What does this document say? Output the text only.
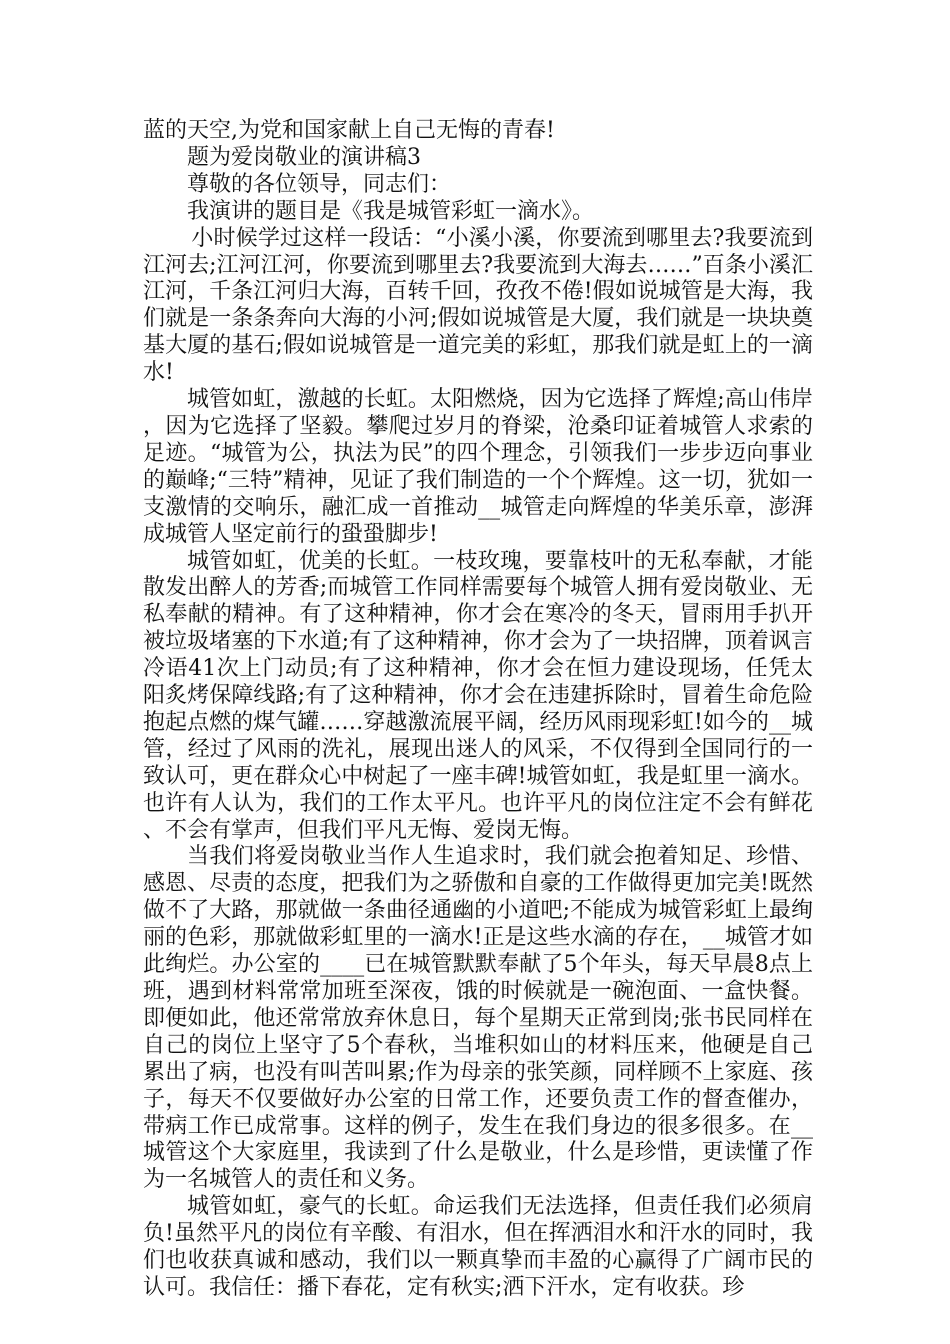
蓝的天空,为党和国家献上自己无悔的青春!

题为爱岗敬业的演讲稿3

尊敬的各位领导，同志们：

我演讲的题目是《我是城管彩虹一滴水》。

小时候学过这样一段话：“小溪小溪，你要流到哪里去?我要流到江河去;江河江河，你要流到哪里去?我要流到大海去……”百条小溪汇江河，千条江河归大海，百转千回，孜孜不倦!假如说城管是大海，我们就是一条条奔向大海的小河;假如说城管是大厦，我们就是一块块奠基大厦的基石;假如说城管是一道完美的彩虹，那我们就是虹上的一滴水!

城管如虹，激越的长虹。太阳燃烧，因为它选择了辉煌;高山伟岸，因为它选择了坚毅。攀爬过岁月的脊梁，沧桑印证着城管人求索的足迹。“城管为公，执法为民”的四个理念，引领我们一步步迈向事业的巅峰;“三特”精神，见证了我们制造的一个个辉煌。这一切，犹如一支激情的交响乐，融汇成一首推动__城管走向辉煌的华美乐章，澎湃成城管人坚定前行的蛩蛩脚步!

城管如虹，优美的长虹。一枝玫瑰，要靠枝叶的无私奉献，才能散发出醉人的芳香;而城管工作同样需要每个城管人拥有爱岗敬业、无私奉献的精神。有了这种精神，你才会在寒冷的冬天，冒雨用手扒开被垃圾堵塞的下水道;有了这种精神，你才会为了一块招牌，顶着讽言冷语41次上门动员;有了这种精神，你才会在恒力建设现场，任凭太阳炙烤保障线路;有了这种精神，你才会在违建拆除时，冒着生命危险抱起点燃的煤气罐……穿越激流展平阔，经历风雨现彩虹!如今的__城管，经过了风雨的洗礼，展现出迷人的风采，不仅得到全国同行的一致认可，更在群众心中树起了一座丰碑!城管如虹，我是虹里一滴水。也许有人认为，我们的工作太平凡。也许平凡的岗位注定不会有鲜花、不会有掌声，但我们平凡无悔、爱岗无悔。

当我们将爱岗敬业当作人生追求时，我们就会抱着知足、珍惜、感恩、尽责的态度，把我们为之骄傲和自豪的工作做得更加完美!既然做不了大路，那就做一条曲径通幽的小道吧;不能成为城管彩虹上最绚丽的色彩，那就做彩虹里的一滴水!正是这些水滴的存在，__城管才如此绚烂。办公室的____已在城管默默奉献了5个年头，每天早晨8点上班，遇到材料常常加班至深夜，饿的时候就是一碗泡面、一盒快餐。即便如此，他还常常放弃休息日，每个星期天正常到岗;张书民同样在自己的岗位上坚守了5个春秋，当堆积如山的材料压来，他硬是自己累出了病，也没有叫苦叫累;作为母亲的张笑颜，同样顾不上家庭、孩子，每天不仅要做好办公室的日常工作，还要负责工作的督查催办，带病工作已成常事。这样的例子，发生在我们身边的很多很多。在__城管这个大家庭里，我读到了什么是敬业，什么是珍惜，更读懂了作为一名城管人的责任和义务。

城管如虹，豪气的长虹。命运我们无法选择，但责任我们必须肩负!虽然平凡的岗位有辛酸、有泪水，但在挥洒泪水和汗水的同时，我们也收获真诚和感动，我们以一颗真挚而丰盈的心赢得了广阔市民的认可。我信任：播下春花，定有秋实;洒下汗水，定有收获。珍
